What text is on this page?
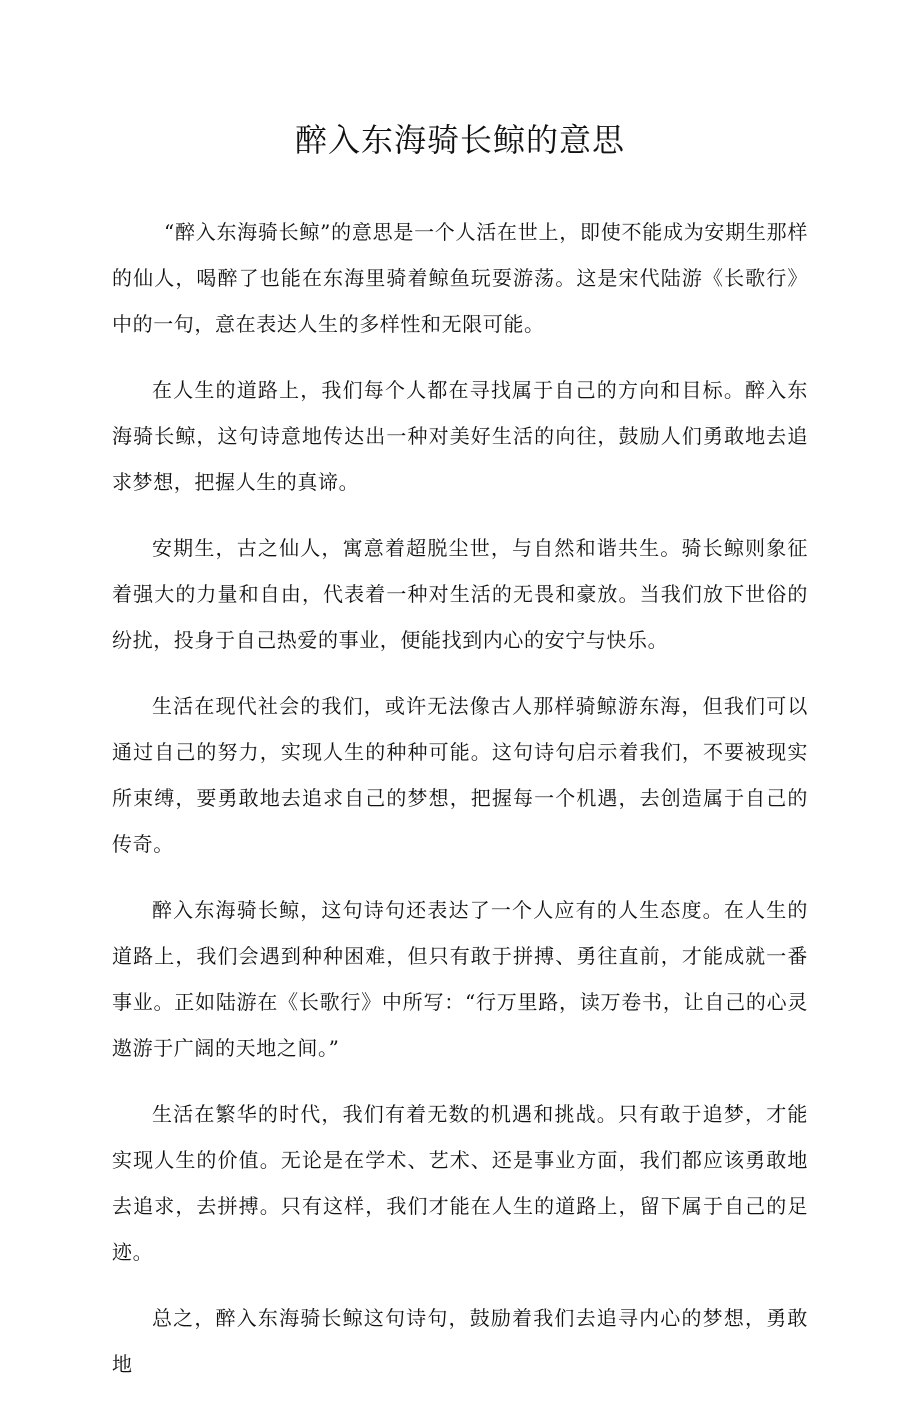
醉入东海骑长鲸的意思

“醉入东海骑长鲸”的意思是一个人活在世上，即使不能成为安期生那样的仙人，喝醉了也能在东海里骑着鲸鱼玩耍游荡。这是宋代陆游《长歌行》中的一句，意在表达人生的多样性和无限可能。

在人生的道路上，我们每个人都在寻找属于自己的方向和目标。醉入东海骑长鲸，这句诗意地传达出一种对美好生活的向往，鼓励人们勇敢地去追求梦想，把握人生的真谛。

安期生，古之仙人，寓意着超脱尘世，与自然和谐共生。骑长鲸则象征着强大的力量和自由，代表着一种对生活的无畏和豪放。当我们放下世俗的纷扰，投身于自己热爱的事业，便能找到内心的安宁与快乐。

生活在现代社会的我们，或许无法像古人那样骑鲸游东海，但我们可以通过自己的努力，实现人生的种种可能。这句诗句启示着我们，不要被现实所束缚，要勇敢地去追求自己的梦想，把握每一个机遇，去创造属于自己的传奇。

醉入东海骑长鲸，这句诗句还表达了一个人应有的人生态度。在人生的道路上，我们会遇到种种困难，但只有敢于拼搏、勇往直前，才能成就一番事业。正如陆游在《长歌行》中所写：“行万里路，读万卷书，让自己的心灵遨游于广阔的天地之间。”

生活在繁华的时代，我们有着无数的机遇和挑战。只有敢于追梦，才能实现人生的价值。无论是在学术、艺术、还是事业方面，我们都应该勇敢地去追求，去拼搏。只有这样，我们才能在人生的道路上，留下属于自己的足迹。

总之，醉入东海骑长鲸这句诗句，鼓励着我们去追寻内心的梦想，勇敢地
